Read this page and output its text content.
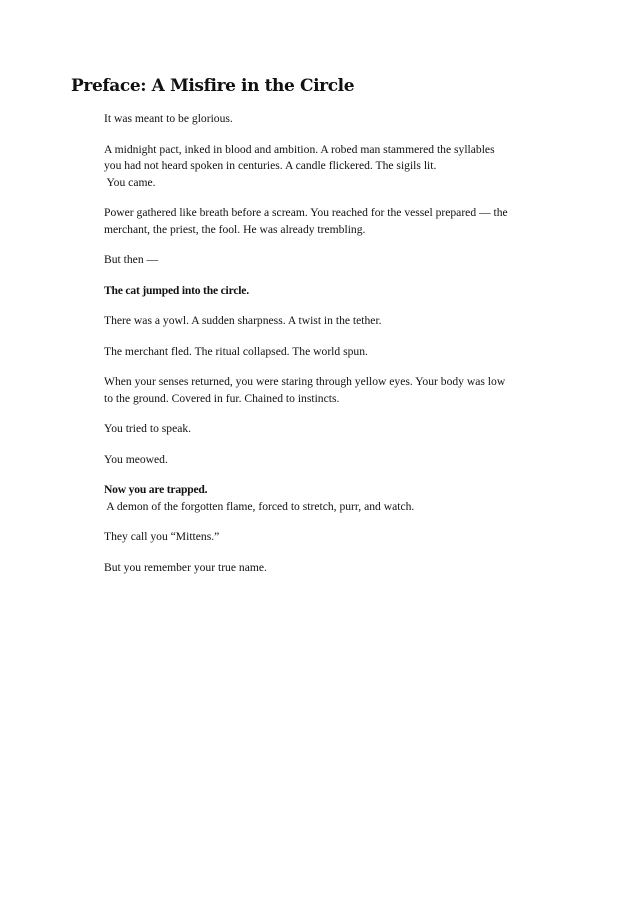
Preface: A Misfire in the Circle

It was meant to be glorious.

A midnight pact, inked in blood and ambition. A robed man stammered the syllables
you had not heard spoken in centuries. A candle flickered. The sigils lit.
You came.

Power gathered like breath before a scream. You reached for the vessel prepared — the
merchant, the priest, the fool. He was already trembling.

But then —

The cat jumped into the circle.

There was a yowl. A sudden sharpness. A twist in the tether.

The merchant fled. The ritual collapsed. The world spun.

When your senses returned, you were staring through yellow eyes. Your body was low
to the ground. Covered in fur. Chained to instincts.

You tried to speak.

You meowed.

Now you are trapped.
A demon of the forgotten flame, forced to stretch, purr, and watch.

They call you “Mittens.”

But you remember your true name.
